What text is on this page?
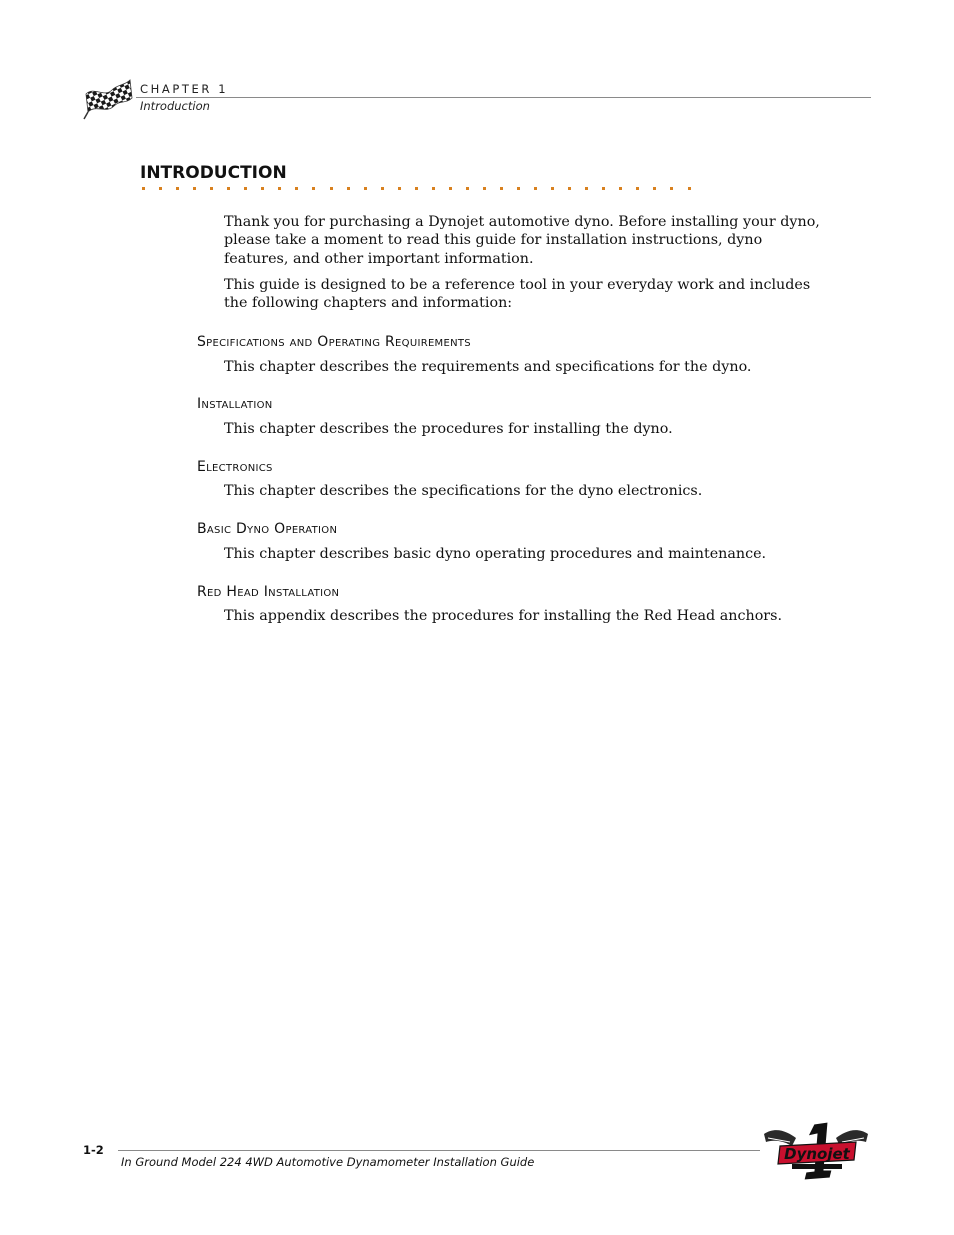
CHAPTER 1
Introduction
INTRODUCTION

Thank you for purchasing a Dynojet automotive dyno. Before installing your dyno, please take a moment to read this guide for installation instructions, dyno features, and other important information.

This guide is designed to be a reference tool in your everyday work and includes the following chapters and information:

Specifications and Operating Requirements

This chapter describes the requirements and specifications for the dyno.

Installation

This chapter describes the procedures for installing the dyno.

Electronics

This chapter describes the specifications for the dyno electronics.

Basic Dyno Operation

This chapter describes basic dyno operating procedures and maintenance.

Red Head Installation

This appendix describes the procedures for installing the Red Head anchors.

1-2
In Ground Model 224 4WD Automotive Dynamometer Installation Guide	Dynojet
